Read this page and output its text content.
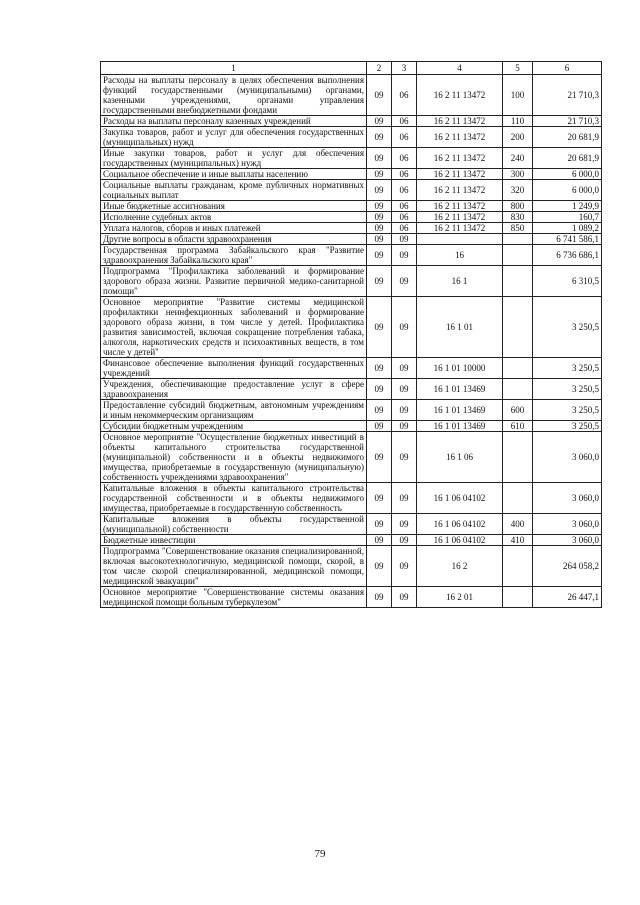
1	2	3	4	5	6
Расходы на выплаты персоналу в целях обеспечения выполнения функций государственными (муниципальными) органами, казенными учреждениями, органами управления государственными внебюджетными фондами	09	06	16 2 11 13472	100	21 710,3
Расходы на выплаты персоналу казенных учреждений	09	06	16 2 11 13472	110	21 710,3
Закупка товаров, работ и услуг для обеспечения государственных (муниципальных) нужд	09	06	16 2 11 13472	200	20 681,9
Иные закупки товаров, работ и услуг для обеспечения государственных (муниципальных) нужд	09	06	16 2 11 13472	240	20 681,9
Социальное обеспечение и иные выплаты населению	09	06	16 2 11 13472	300	6 000,0
Социальные выплаты гражданам, кроме публичных нормативных социальных выплат	09	06	16 2 11 13472	320	6 000,0
Иные бюджетные ассигнования	09	06	16 2 11 13472	800	1 249,9
Исполнение судебных актов	09	06	16 2 11 13472	830	160,7
Уплата налогов, сборов и иных платежей	09	06	16 2 11 13472	850	1 089,2
Другие вопросы в области здравоохранения	09	09			6 741 586,1
Государственная программа Забайкальского края "Развитие здравоохранения Забайкальского края"	09	09	16		6 736 686,1
Подпрограмма "Профилактика заболеваний и формирование здорового образа жизни. Развитие первичной медико-санитарной помощи"	09	09	16 1		6 310,5
Основное мероприятие "Развитие системы медицинской профилактики неинфекционных заболеваний и формирование здорового образа жизни, в том числе у детей. Профилактика развития зависимостей, включая сокращение потребления табака, алкоголя, наркотических средств и психоактивных веществ, в том числе у детей"	09	09	16 1 01		3 250,5
Финансовое обеспечение выполнения функций государственных учреждений	09	09	16 1 01 10000		3 250,5
Учреждения, обеспечивающие предоставление услуг в сфере здравоохранения	09	09	16 1 01 13469		3 250,5
Предоставление субсидий бюджетным, автономным учреждениям и иным некоммерческим организациям	09	09	16 1 01 13469	600	3 250,5
Субсидии бюджетным учреждениям	09	09	16 1 01 13469	610	3 250,5
Основное мероприятие "Осуществление бюджетных инвестиций в объекты капитального строительства государственной (муниципальной) собственности и в объекты недвижимого имущества, приобретаемые в государственную (муниципальную) собственность учреждениями здравоохранения"	09	09	16 1 06		3 060,0
Капитальные вложения в объекты капитального строительства государственной собственности и в объекты недвижимого имущества, приобретаемые в государственную собственность	09	09	16 1 06 04102		3 060,0
Капитальные вложения в объекты государственной (муниципальной) собственности	09	09	16 1 06 04102	400	3 060,0
Бюджетные инвестиции	09	09	16 1 06 04102	410	3 060,0
Подпрограмма "Совершенствование оказания специализированной, включая высокотехнологичную, медицинской помощи, скорой, в том числе скорой специализированной, медицинской помощи, медицинской эвакуации"	09	09	16 2		264 058,2
Основное мероприятие "Совершенствование системы оказания медицинской помощи больным туберкулезом"	09	09	16 2 01		26 447,1
79
